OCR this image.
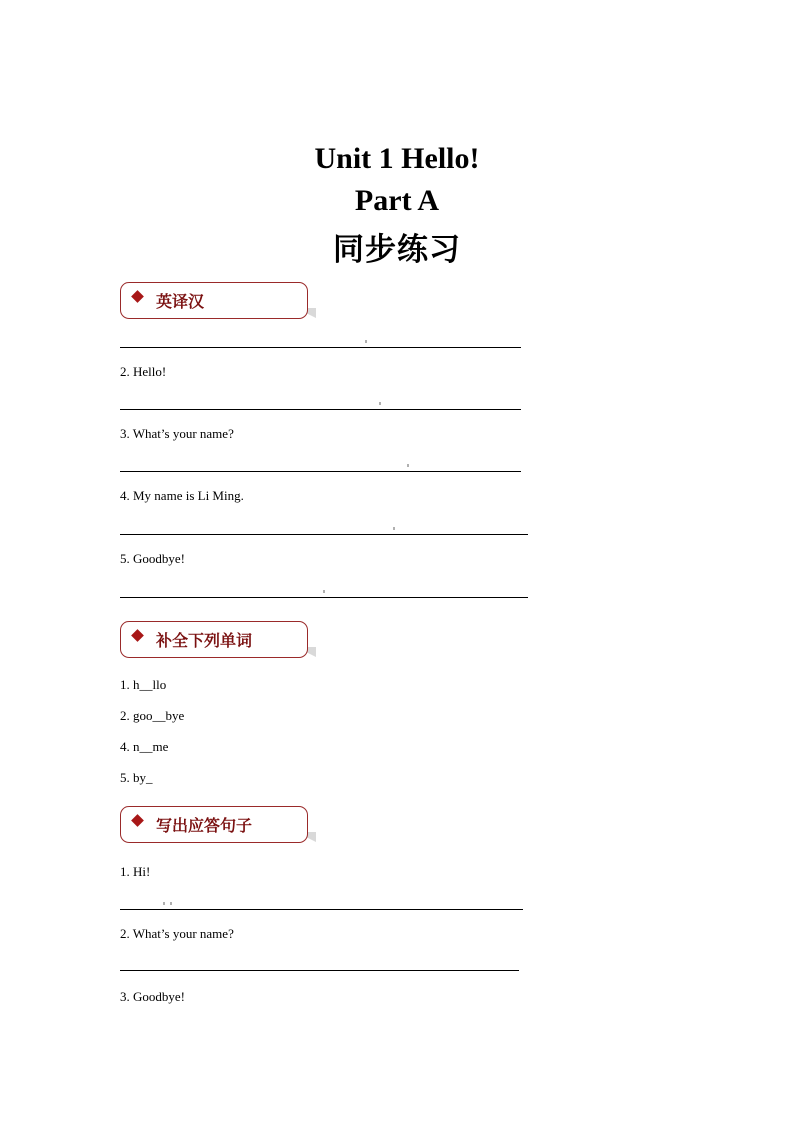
Unit 1 Hello!
Part A
同步练习
英译汉
2. Hello!
3. What’s your name?
4. My name is Li Ming.
5. Goodbye!
补全下列单词
1. h__llo
2. goo__bye
4. n__me
5. by_
写出应答句子
1. Hi!
2. What’s your name?
3. Goodbye!
